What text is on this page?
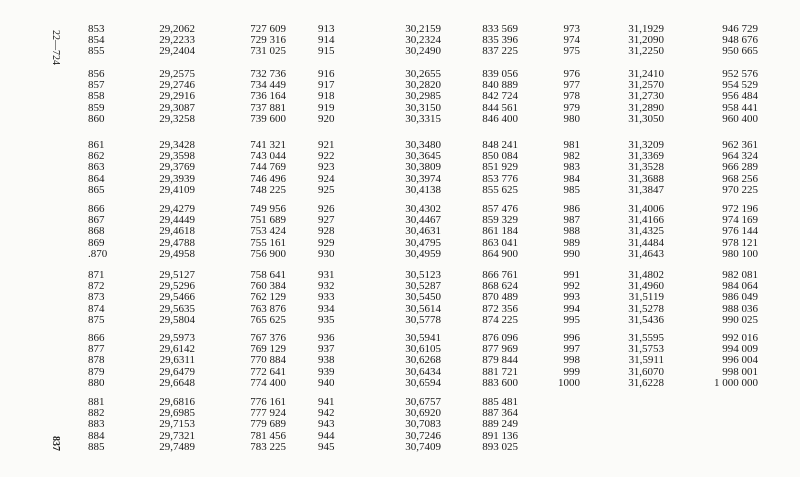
22—724
837
853
854
855
856
857
858
859
860
861
862
863
864
865
866
867
868
869
.870
871
872
873
874
875
866
877
878
879
880
881
882
883
884
885
29,2062
29,2233
29,2404
29,2575
29,2746
29,2916
29,3087
29,3258
29,3428
29,3598
29,3769
29,3939
29,4109
29,4279
29,4449
29,4618
29,4788
29,4958
29,5127
29,5296
29,5466
29,5635
29,5804
29,5973
29,6142
29,6311
29,6479
29,6648
29,6816
29,6985
29,7153
29,7321
29,7489
727 609
729 316
731 025
732 736
734 449
736 164
737 881
739 600
741 321
743 044
744 769
746 496
748 225
749 956
751 689
753 424
755 161
756 900
758 641
760 384
762 129
763 876
765 625
767 376
769 129
770 884
772 641
774 400
776 161
777 924
779 689
781 456
783 225
913
914
915
916
917
918
919
920
921
922
923
924
925
926
927
928
929
930
931
932
933
934
935
936
937
938
939
940
941
942
943
944
945
30,2159
30,2324
30,2490
30,2655
30,2820
30,2985
30,3150
30,3315
30,3480
30,3645
30,3809
30,3974
30,4138
30,4302
30,4467
30,4631
30,4795
30,4959
30,5123
30,5287
30,5450
30,5614
30,5778
30,5941
30,6105
30,6268
30,6434
30,6594
30,6757
30,6920
30,7083
30,7246
30,7409
833 569
835 396
837 225
839 056
840 889
842 724
844 561
846 400
848 241
850 084
851 929
853 776
855 625
857 476
859 329
861 184
863 041
864 900
866 761
868 624
870 489
872 356
874 225
876 096
877 969
879 844
881 721
883 600
885 481
887 364
889 249
891 136
893 025
973
974
975
976
977
978
979
980
981
982
983
984
985
986
987
988
989
990
991
992
993
994
995
996
997
998
999
1000
31,1929
31,2090
31,2250
31,2410
31,2570
31,2730
31,2890
31,3050
31,3209
31,3369
31,3528
31,3688
31,3847
31,4006
31,4166
31,4325
31,4484
31,4643
31,4802
31,4960
31,5119
31,5278
31,5436
31,5595
31,5753
31,5911
31,6070
31,6228
946 729
948 676
950 665
952 576
954 529
956 484
958 441
960 400
962 361
964 324
966 289
968 256
970 225
972 196
974 169
976 144
978 121
980 100
982 081
984 064
986 049
988 036
990 025
992 016
994 009
996 004
998 001
1 000 000
